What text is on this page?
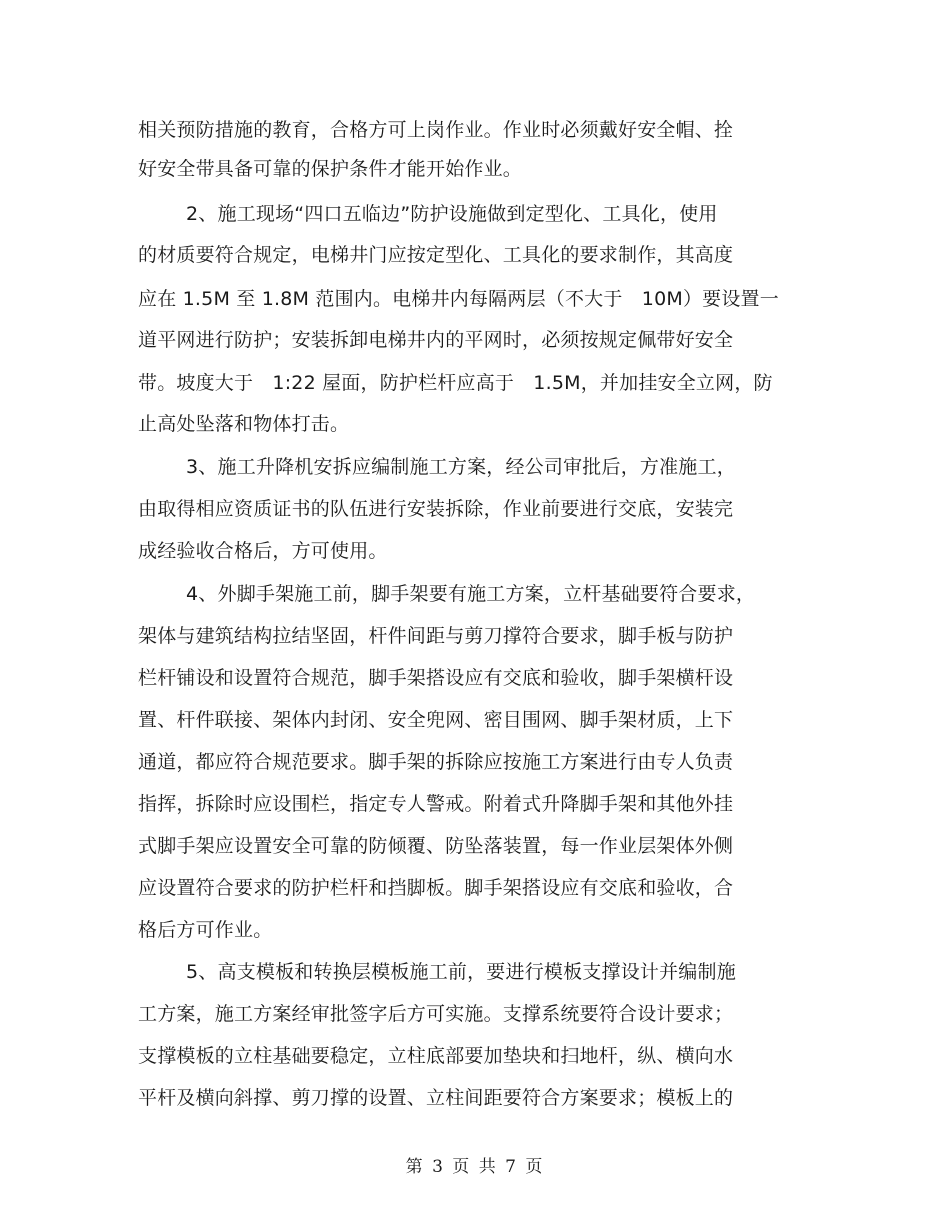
相关预防措施的教育，合格方可上岗作业。作业时必须戴好安全帽、拴
好安全带具备可靠的保护条件才能开始作业。
2、施工现场“四口五临边”防护设施做到定型化、工具化，使用
的材质要符合规定，电梯井门应按定型化、工具化的要求制作，其高度
应在 1.5M 至 1.8M 范围内。电梯井内每隔两层（不大于　10M）要设置一
道平网进行防护；安装拆卸电梯井内的平网时，必须按规定佩带好安全
带。坡度大于　1:22 屋面，防护栏杆应高于　1.5M，并加挂安全立网，防
止高处坠落和物体打击。
3、施工升降机安拆应编制施工方案，经公司审批后，方准施工，
由取得相应资质证书的队伍进行安装拆除，作业前要进行交底，安装完
成经验收合格后，方可使用。
4、外脚手架施工前，脚手架要有施工方案，立杆基础要符合要求，
架体与建筑结构拉结坚固，杆件间距与剪刀撑符合要求，脚手板与防护
栏杆铺设和设置符合规范，脚手架搭设应有交底和验收，脚手架横杆设
置、杆件联接、架体内封闭、安全兜网、密目围网、脚手架材质，上下
通道，都应符合规范要求。脚手架的拆除应按施工方案进行由专人负责
指挥，拆除时应设围栏，指定专人警戒。附着式升降脚手架和其他外挂
式脚手架应设置安全可靠的防倾覆、防坠落装置，每一作业层架体外侧
应设置符合要求的防护栏杆和挡脚板。脚手架搭设应有交底和验收，合
格后方可作业。
5、高支模板和转换层模板施工前，要进行模板支撑设计并编制施
工方案，施工方案经审批签字后方可实施。支撑系统要符合设计要求；
支撑模板的立柱基础要稳定，立柱底部要加垫块和扫地杆，纵、横向水
平杆及横向斜撑、剪刀撑的设置、立柱间距要符合方案要求；模板上的
第 3 页 共 7 页
